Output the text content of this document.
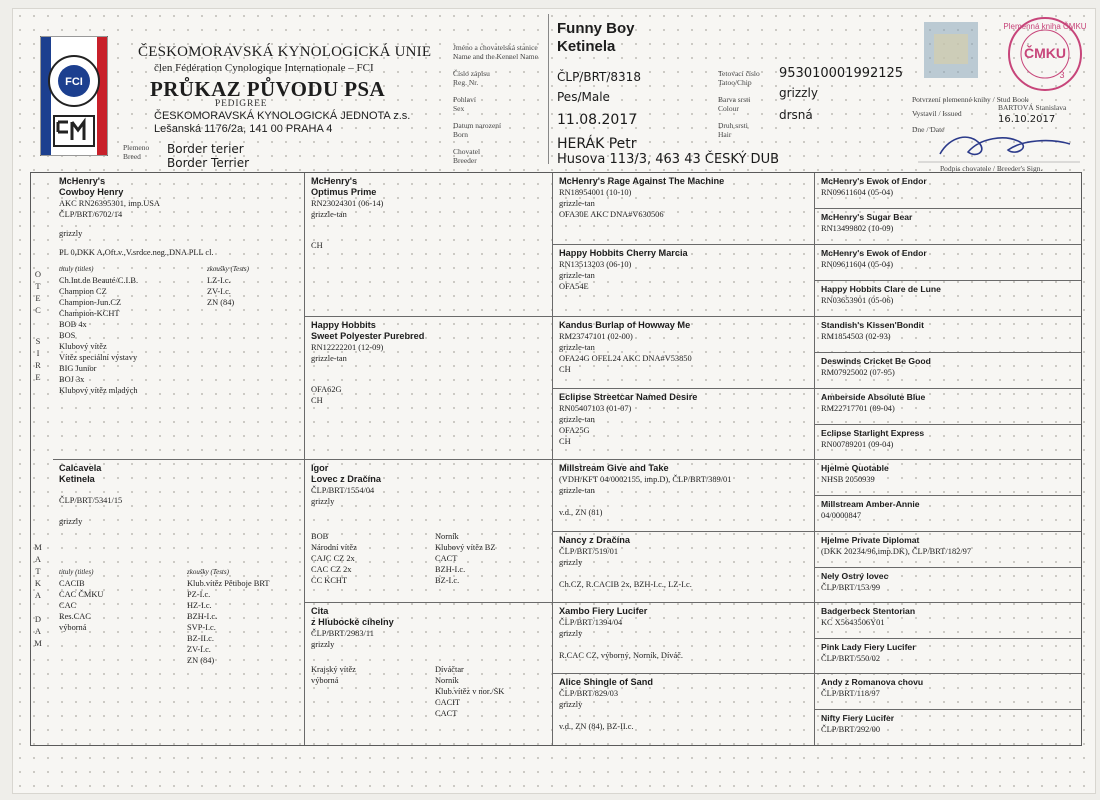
FCI
ČESKOMORAVSKÁ KYNOLOGICKÁ UNIE
člen Fédération Cynologique Internationale – FCI
PRŮKAZ PŮVODU PSA
PEDIGREE
ČESKOMORAVSKÁ KYNOLOGICKÁ JEDNOTA z.s.
Lešanská 1176/2a, 141 00 PRAHA 4
Plemeno
Breed
Border terier
Border Terrier
Jméno a chovatelská stanice
Name and the Kennel Name
Číslo zápisu
Reg. Nr.
Pohlaví
Sex
Datum narození
Born
Chovatel
Breeder
Funny Boy
Ketinela
ČLP/BRT/8318
Pes/Male
11.08.2017
HERÁK Petr
Husova 113/3, 463 43 ČESKÝ DUB
Tetovací číslo
Tatoo/Chip
Barva srsti
Colour
Druh srsti
Hair
953010001992125
grizzly
drsná
Plemenná kniha ČMKU
ČMKU
3
Potvrzení plemenné knihy / Stud Book
Vystavil / Issued
BARTOVÁ Stanislava
16.10.2017
Dne / Date
Podpis chovatele / Breeder's Sign.
O
T
E
C
S
I
R
E
M
A
T
K
A
D
A
M
McHenry's
Cowboy Henry
AKC RN26395301, imp.USA
ČLP/BRT/6702/14
grizzly
PL 0,DKK A,Oft.v.,V.srdce.neg.,DNA PLL cl.
tituly (titles)
Ch.Int.de Beauté/C.I.B.
Champion CZ
Champion-Jun.CZ
Champion-KCHT
BOB 4x
BOS
Klubový vítěz
Vítěz speciální výstavy
BIG Junior
BOJ 3x
Klubový vítěz mladých
zkoušky (Tests)
LZ-I.c.
ZV-I.c.
ZN (84)
Calcavela
Ketinela
ČLP/BRT/5341/15
grizzly
tituly (titles)
CACIB
CAC ČMKU
CAC
Res.CAC
výborná
zkoušky (Tests)
Klub.vítěz Pětiboje BRT
PZ-I.c.
HZ-I.c.
BZH-I.c.
SVP-I.c.
BZ-II.c.
ZV-I.c.
ZN (84)
McHenry's
Optimus Prime
RN23024301 (06-14)
grizzle-tan
CH
Happy Hobbits
Sweet Polyester Purebred
RN12222201 (12-09)
grizzle-tan
OFA62G
CH
Igor
Lovec z Dračína
ČLP/BRT/1554/04
grizzly
BOB
Národní vítěz
CAJC CZ 2x
CAC CZ 2x
CC KCHT
Norník
Klubový vítěz BZ
CACT
BZH-I.c.
BZ-I.c.
Cita
z Hlubocké cihelny
ČLP/BRT/2983/11
grizzly
Krajský vítěz
výborná
Díváčtar
Norník
Klub.vítěz v nor./SK
CACIT
CACT
McHenry's Rage Against The Machine
RN18954001 (10-10)
grizzle-tan
OFA30E AKC DNA#V630506
Happy Hobbits Cherry Marcia
RN13513203 (06-10)
grizzle-tan
OFA54E
Kandus Burlap of Howway Me
RM23747101 (02-00)
grizzle-tan
OFA24G OFEL24 AKC DNA#V53850
CH
Eclipse Streetcar Named Desire
RN05407103 (01-07)
grizzle-tan
OFA25G
CH
Millstream Give and Take
(VDH/KFT 04/0002155, imp.D), ČLP/BRT/389/01
grizzle-tan
v.d., ZN (81)
Nancy z Dračína
ČLP/BRT/519/01
grizzly
Ch.CZ, R.CACIB 2x, BZH-I.c., LZ-I.c.
Xambo Fiery Lucifer
ČLP/BRT/1394/04
grizzly
R.CAC CZ, výborný, Norník, Díváč.
Alice Shingle of Sand
ČLP/BRT/829/03
grizzly
v.d., ZN (84), BZ-II.c.
McHenry's Ewok of Endor
RN09611604 (05-04)
McHenry's Sugar Bear
RN13499802 (10-09)
McHenry's Ewok of Endor
RN09611604 (05-04)
Happy Hobbits Clare de Lune
RN03653901 (05-06)
Standish's Kissen'Bondit
RM1854503 (02-93)
Deswinds Cricket Be Good
RM07925002 (07-95)
Amberside Absolute Blue
RM22717701 (09-04)
Eclipse Starlight Express
RN00789201 (09-04)
Hjelme Quotable
NHSB 2050939
Millstream Amber-Annie
04/0000847
Hjelme Private Diplomat
(DKK 20234/96,imp.DK), ČLP/BRT/182/97
Nely Ostrý lovec
ČLP/BRT/153/99
Badgerbeck Stentorian
KC X5643506Y01
Pink Lady Fiery Lucifer
ČLP/BRT/550/02
Andy z Romanova chovu
ČLP/BRT/118/97
Nifty Fiery Lucifer
ČLP/BRT/292/00
